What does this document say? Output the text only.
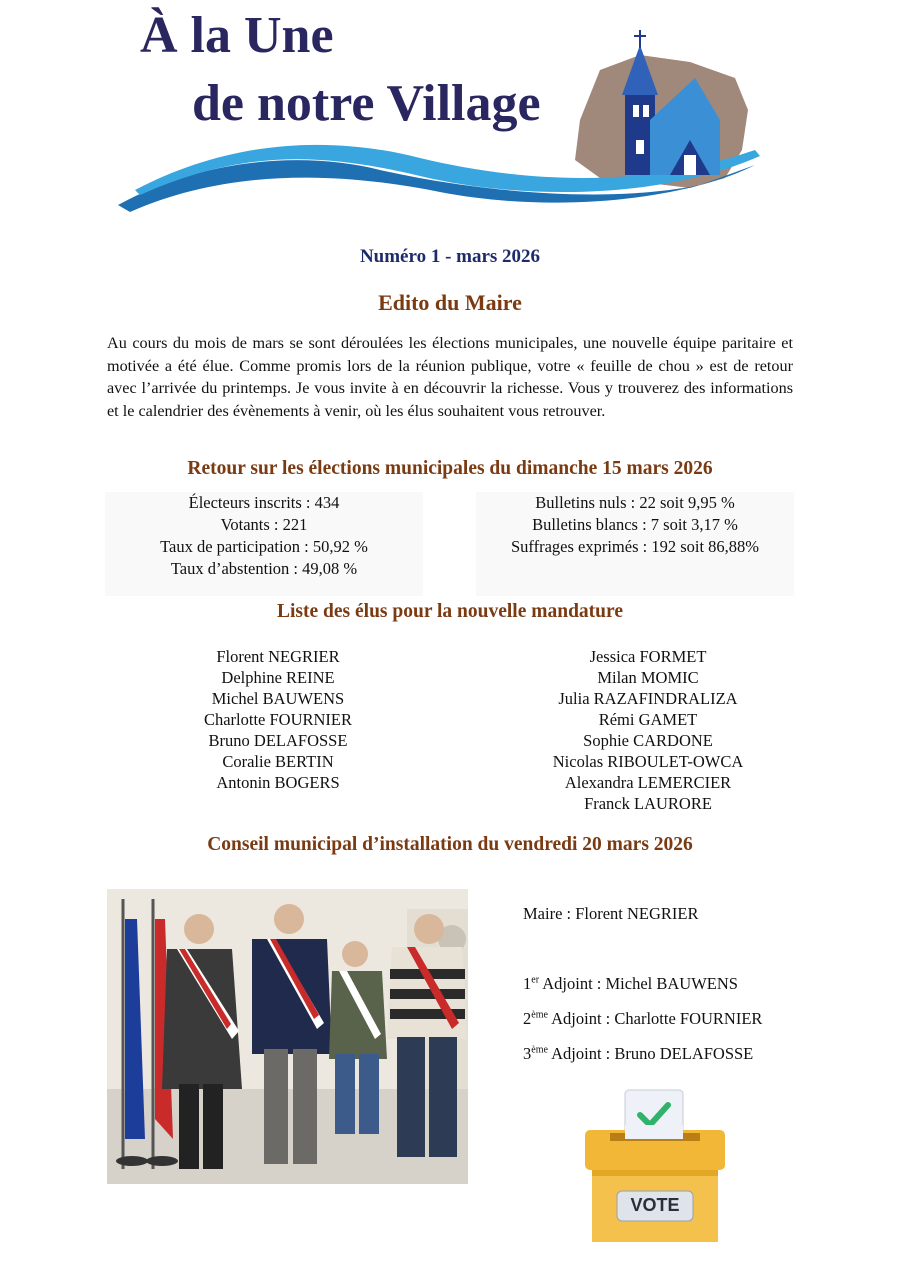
À la Une
de notre Village
Numéro 1 - mars 2026
Edito du Maire
Au cours du mois de mars se sont déroulées les élections municipales, une nouvelle équipe paritaire et motivée a été élue. Comme promis lors de la réunion publique, votre « feuille de chou » est de retour avec l’arrivée du printemps. Je vous invite à en découvrir la richesse. Vous y trouverez des informations et le calendrier des évènements à venir, où les élus souhaitent vous retrouver.
Retour sur les élections municipales du dimanche 15 mars 2026
Électeurs inscrits : 434
Votants : 221
Taux de participation : 50,92 %
Taux d’abstention : 49,08 %
Bulletins nuls : 22 soit 9,95 %
Bulletins blancs : 7 soit 3,17 %
Suffrages exprimés : 192 soit 86,88%
Liste des élus pour la nouvelle mandature
Florent NEGRIER
Delphine REINE
Michel BAUWENS
Charlotte FOURNIER
Bruno DELAFOSSE
Coralie BERTIN
Antonin BOGERS
Jessica FORMET
Milan MOMIC
Julia RAZAFINDRALIZA
Rémi GAMET
Sophie CARDONE
Nicolas RIBOULET-OWCA
Alexandra LEMERCIER
Franck LAURORE
Conseil municipal d’installation du vendredi 20 mars 2026
Maire : Florent NEGRIER
1er Adjoint : Michel BAUWENS
2ème Adjoint : Charlotte FOURNIER
3ème Adjoint : Bruno DELAFOSSE
VOTE
